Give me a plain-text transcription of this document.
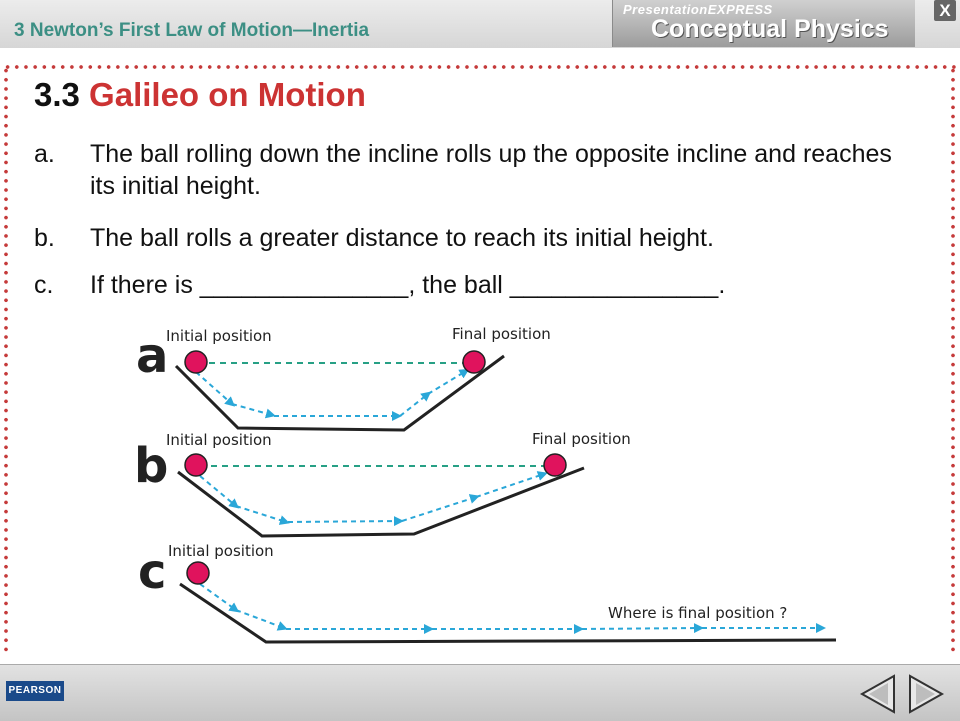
3 Newton’s First Law of Motion—Inertia
PresentationEXPRESS
Conceptual Physics
X
3.3 Galileo on Motion
a. The ball rolling down the incline rolls up the opposite incline and reaches its initial height.
b. The ball rolls a greater distance to reach its initial height.
c. If there is _______________, the ball _______________.
a
b
c
Initial position	Final position
Initial position	Final position
Initial position
Where is final position ?
PEARSON
